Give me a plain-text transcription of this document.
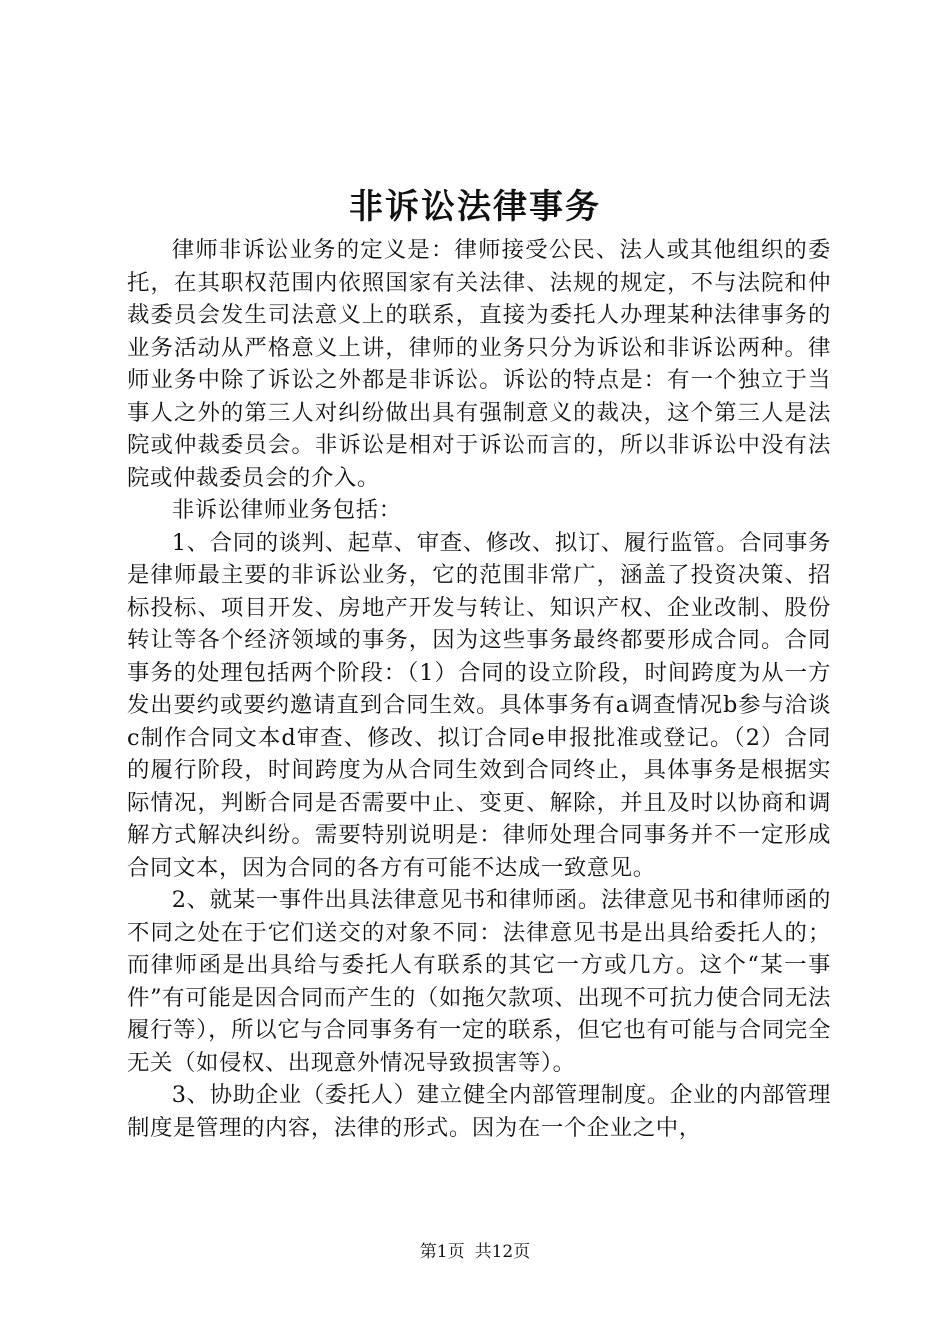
非诉讼法律事务

律师非诉讼业务的定义是：律师接受公民、法人或其他组织的委托，在其职权范围内依照国家有关法律、法规的规定，不与法院和仲裁委员会发生司法意义上的联系，直接为委托人办理某种法律事务的业务活动从严格意义上讲，律师的业务只分为诉讼和非诉讼两种。律师业务中除了诉讼之外都是非诉讼。诉讼的特点是：有一个独立于当事人之外的第三人对纠纷做出具有强制意义的裁决，这个第三人是法院或仲裁委员会。非诉讼是相对于诉讼而言的，所以非诉讼中没有法院或仲裁委员会的介入。

非诉讼律师业务包括：

1、合同的谈判、起草、审查、修改、拟订、履行监管。合同事务是律师最主要的非诉讼业务，它的范围非常广，涵盖了投资决策、招标投标、项目开发、房地产开发与转让、知识产权、企业改制、股份转让等各个经济领域的事务，因为这些事务最终都要形成合同。合同事务的处理包括两个阶段：（1）合同的设立阶段，时间跨度为从一方发出要约或要约邀请直到合同生效。具体事务有a调查情况b参与洽谈c制作合同文本d审查、修改、拟订合同e申报批准或登记。（2）合同的履行阶段，时间跨度为从合同生效到合同终止，具体事务是根据实际情况，判断合同是否需要中止、变更、解除，并且及时以协商和调解方式解决纠纷。需要特别说明是：律师处理合同事务并不一定形成合同文本，因为合同的各方有可能不达成一致意见。

2、就某一事件出具法律意见书和律师函。法律意见书和律师函的不同之处在于它们送交的对象不同：法律意见书是出具给委托人的；而律师函是出具给与委托人有联系的其它一方或几方。这个“某一事件”有可能是因合同而产生的（如拖欠款项、出现不可抗力使合同无法履行等），所以它与合同事务有一定的联系，但它也有可能与合同完全无关（如侵权、出现意外情况导致损害等）。

3、协助企业（委托人）建立健全内部管理制度。企业的内部管理制度是管理的内容，法律的形式。因为在一个企业之中，

第1页 共12页
